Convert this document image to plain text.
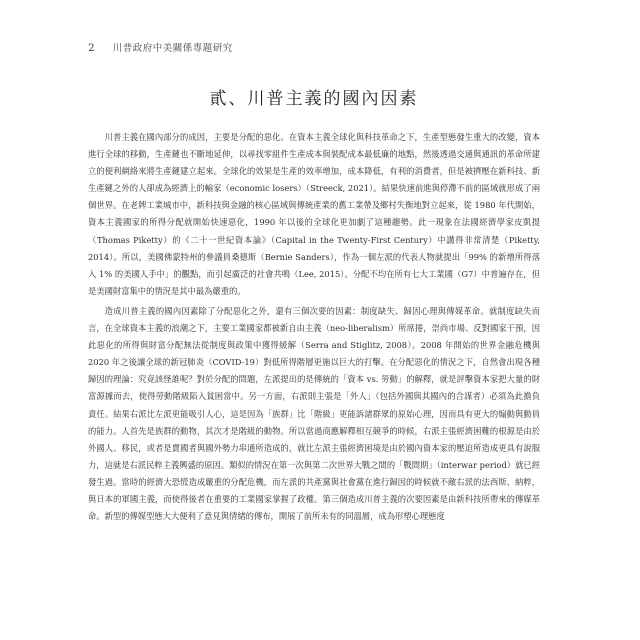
2 川普政府中美關係專題研究
貳、川普主義的國內因素

川普主義在國內部分的成因，主要是分配的惡化。在資本主義全球化與科技革命之下，生產型態發生重大的改變，資本進行全球的移動，生產鏈也不斷地延伸，以尋找零組件生產成本與裝配成本最低廉的地點，然後透過交通與通訊的革命所建立的便利網絡來將生產鏈建立起來。全球化的效果是生產的效率增加，成本降低，有利的消費者，但是被擠壓在新科技、新生產鏈之外的人卻成為經濟上的輸家（economic losers）（Streeck, 2021）。結果快速前進與停滯不前的區域就形成了兩個世界。在老牌工業城市中，新科技與金融的核心區域與傳統產業的舊工業帶及鄉村失衡地對立起來，從 1980 年代開始，資本主義國家的所得分配就開始快速惡化，1990 年以後的全球化更加劇了這種趨勢。此一現象在法國經濟學家皮凱提（Thomas Piketty）的《二十一世紀資本論》（Capital in the Twenty-First Century）中講得非常清楚（Piketty, 2014）。所以，美國佛蒙特州的參議員桑德斯（Bernie Sanders），作為一個左派的代表人物就提出「99% 的新增所得落入 1% 的美國人手中」的觀點，而引起廣泛的社會共鳴（Lee, 2015）。分配不均在所有七大工業國（G7）中普遍存在，但是美國財富集中的情況是其中最為嚴重的。

造成川普主義的國內因素除了分配惡化之外，還有三個次要的因素：制度缺失、歸因心理與傳媒革命。就制度缺失而言，在全球資本主義的浪潮之下，主要工業國家都被新自由主義（neo-liberalism）所席捲，崇尚市場、反對國家干預，因此惡化的所得與財富分配無法從制度與政策中獲得緩解（Serra and Stiglitz, 2008）。2008 年開始的世界金融危機與 2020 年之後讓全球的新冠肺炎（COVID-19）對低所得階層更施以巨大的打擊。在分配惡化的情況之下，自然會出現各種歸因的理論：究竟該怪誰呢？對於分配的問題，左派提出的是傳統的「資本 vs. 勞動」的解釋，就是評擊資本家把大量的財富源據而去，使得勞動階級陷入貧困當中。另一方面，右派則主張是「外人」（包括外國與其國內的合謀者）必須為此擔負責任。結果右派比左派更能吸引人心，這是因為「族群」比「階級」更能訴諸群眾的原始心理，因而具有更大的煽動與動員的能力。人首先是族群的動物，其次才是階級的動物。所以當過商應解釋相互競爭的時候，右派主張經濟困難的根源是由於外國人、移民，或者是賣國者與國外勢力串通所造成的，就比左派主張經濟困境是由於國內資本家的壓迫所造成更具有說服力，這就是右派民粹主義興盛的原因。類似的情況在第一次與第二次世界大戰之間的「戰間期」（interwar period）就已經發生過。當時的經濟大恐慌造成嚴重的分配危機，而左派的共產黨與社會黨在進行歸因的時候就不敵右派的法西斯、納粹，與日本的軍國主義，而使得後者在重要的工業國家掌握了政權。第三個造成川普主義的次要因素是由新科技所帶來的傳媒革命。新型的傳媒型態大大便利了意見與情緒的傳布，開展了前所未有的同溫層，成為形塑心理態度
